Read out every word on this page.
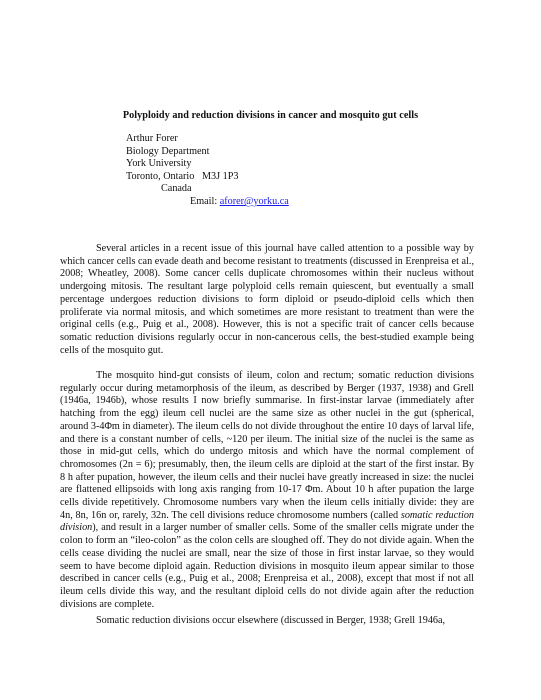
Polyploidy and reduction divisions in cancer and mosquito gut cells
Arthur Forer
Biology Department
York University
Toronto, Ontario   M3J 1P3
Canada
Email: aforer@yorku.ca

Several articles in a recent issue of this journal have called attention to a possible way by which cancer cells can evade death and become resistant to treatments (discussed in Erenpreisa et al., 2008; Wheatley, 2008). Some cancer cells duplicate chromosomes within their nucleus without undergoing mitosis. The resultant large polyploid cells remain quiescent, but eventually a small percentage undergoes reduction divisions to form diploid or pseudo-diploid cells which then proliferate via normal mitosis, and which sometimes are more resistant to treatment than were the original cells (e.g., Puig et al., 2008). However, this is not a specific trait of cancer cells because somatic reduction divisions regularly occur in non-cancerous cells, the best-studied example being cells of the mosquito gut.

The mosquito hind-gut consists of ileum, colon and rectum; somatic reduction divisions regularly occur during metamorphosis of the ileum, as described by Berger (1937, 1938) and Grell (1946a, 1946b), whose results I now briefly summarise. In first-instar larvae (immediately after hatching from the egg) ileum cell nuclei are the same size as other nuclei in the gut (spherical, around 3-4Φm in diameter). The ileum cells do not divide throughout the entire 10 days of larval life, and there is a constant number of cells, ~120 per ileum. The initial size of the nuclei is the same as those in mid-gut cells, which do undergo mitosis and which have the normal complement of chromosomes (2n = 6); presumably, then, the ileum cells are diploid at the start of the first instar. By 8 h after pupation, however, the ileum cells and their nuclei have greatly increased in size: the nuclei are flattened ellipsoids with long axis ranging from 10-17 Φm. About 10 h after pupation the large cells divide repetitively. Chromosome numbers vary when the ileum cells initially divide: they are 4n, 8n, 16n or, rarely, 32n. The cell divisions reduce chromosome numbers (called somatic reduction division), and result in a larger number of smaller cells. Some of the smaller cells migrate under the colon to form an “ileo-colon” as the colon cells are sloughed off. They do not divide again. When the cells cease dividing the nuclei are small, near the size of those in first instar larvae, so they would seem to have become diploid again. Reduction divisions in mosquito ileum appear similar to those described in cancer cells (e.g., Puig et al., 2008; Erenpreisa et al., 2008), except that most if not all ileum cells divide this way, and the resultant diploid cells do not divide again after the reduction divisions are complete.

Somatic reduction divisions occur elsewhere (discussed in Berger, 1938; Grell 1946a,
